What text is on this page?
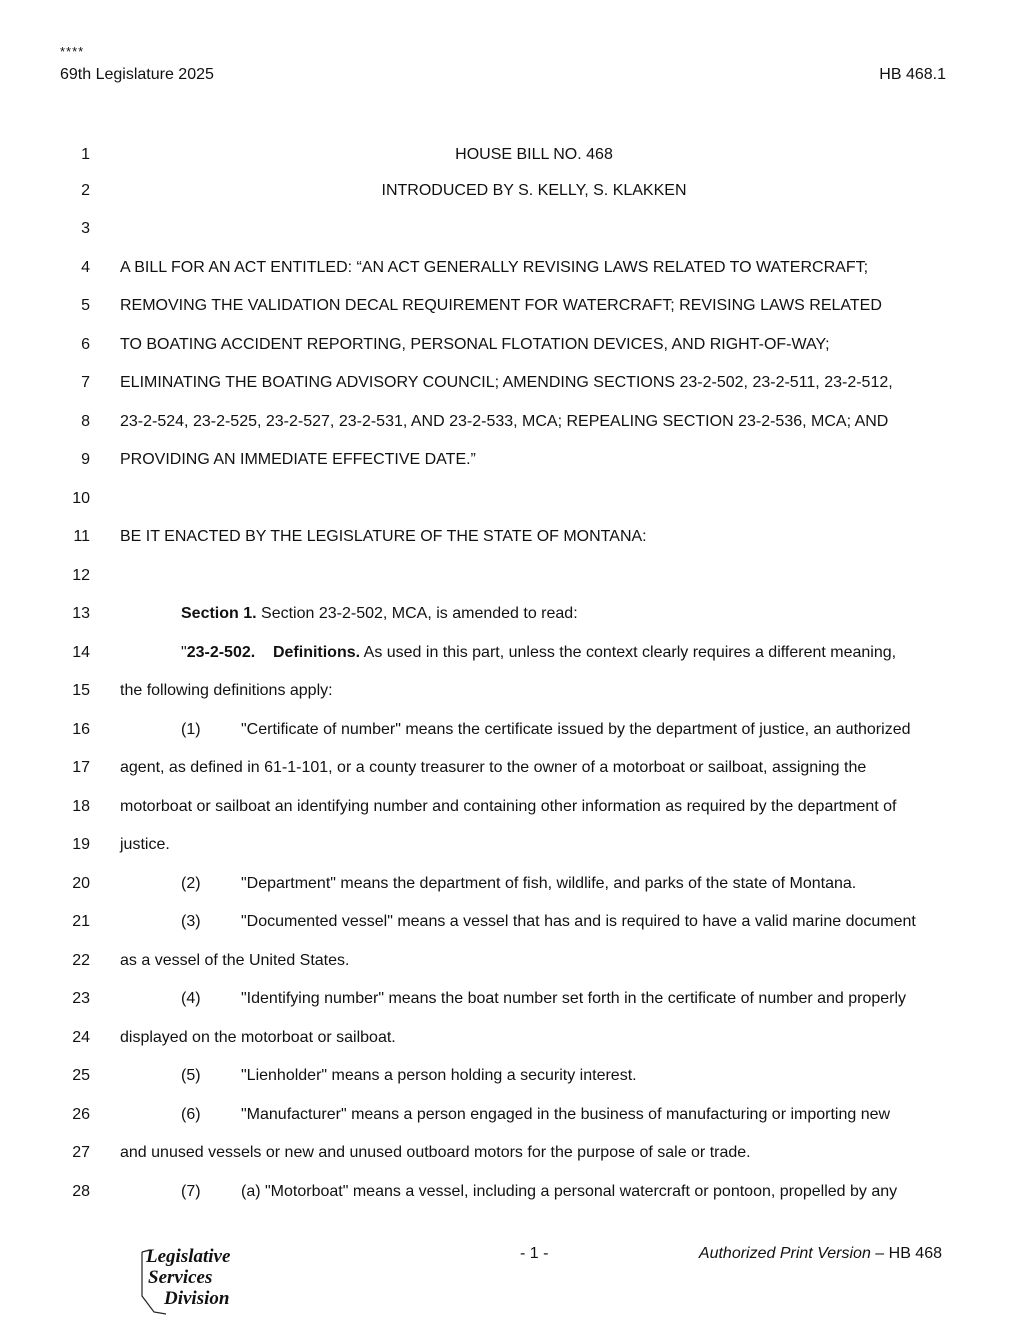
****
69th Legislature 2025	HB 468.1
1	HOUSE BILL NO. 468
2	INTRODUCED BY S. KELLY, S. KLAKKEN
3
4 A BILL FOR AN ACT ENTITLED: “AN ACT GENERALLY REVISING LAWS RELATED TO WATERCRAFT;
5 REMOVING THE VALIDATION DECAL REQUIREMENT FOR WATERCRAFT; REVISING LAWS RELATED
6 TO BOATING ACCIDENT REPORTING, PERSONAL FLOTATION DEVICES, AND RIGHT-OF-WAY;
7 ELIMINATING THE BOATING ADVISORY COUNCIL; AMENDING SECTIONS 23-2-502, 23-2-511, 23-2-512,
8 23-2-524, 23-2-525, 23-2-527, 23-2-531, AND 23-2-533, MCA; REPEALING SECTION 23-2-536, MCA; AND
9 PROVIDING AN IMMEDIATE EFFECTIVE DATE.”
10
11 BE IT ENACTED BY THE LEGISLATURE OF THE STATE OF MONTANA:
12
13	Section 1. Section 23-2-502, MCA, is amended to read:
14	"23-2-502.    Definitions. As used in this part, unless the context clearly requires a different meaning,
15 the following definitions apply:
16	(1)	"Certificate of number" means the certificate issued by the department of justice, an authorized
17 agent, as defined in 61-1-101, or a county treasurer to the owner of a motorboat or sailboat, assigning the
18 motorboat or sailboat an identifying number and containing other information as required by the department of
19 justice.
20	(2)	"Department" means the department of fish, wildlife, and parks of the state of Montana.
21	(3)	"Documented vessel" means a vessel that has and is required to have a valid marine document
22 as a vessel of the United States.
23	(4)	"Identifying number" means the boat number set forth in the certificate of number and properly
24 displayed on the motorboat or sailboat.
25	(5)	"Lienholder" means a person holding a security interest.
26	(6)	"Manufacturer" means a person engaged in the business of manufacturing or importing new
27 and unused vessels or new and unused outboard motors for the purpose of sale or trade.
28	(7)	(a) "Motorboat" means a vessel, including a personal watercraft or pontoon, propelled by any
Legislative
Services
Division
- 1 -	Authorized Print Version – HB 468
